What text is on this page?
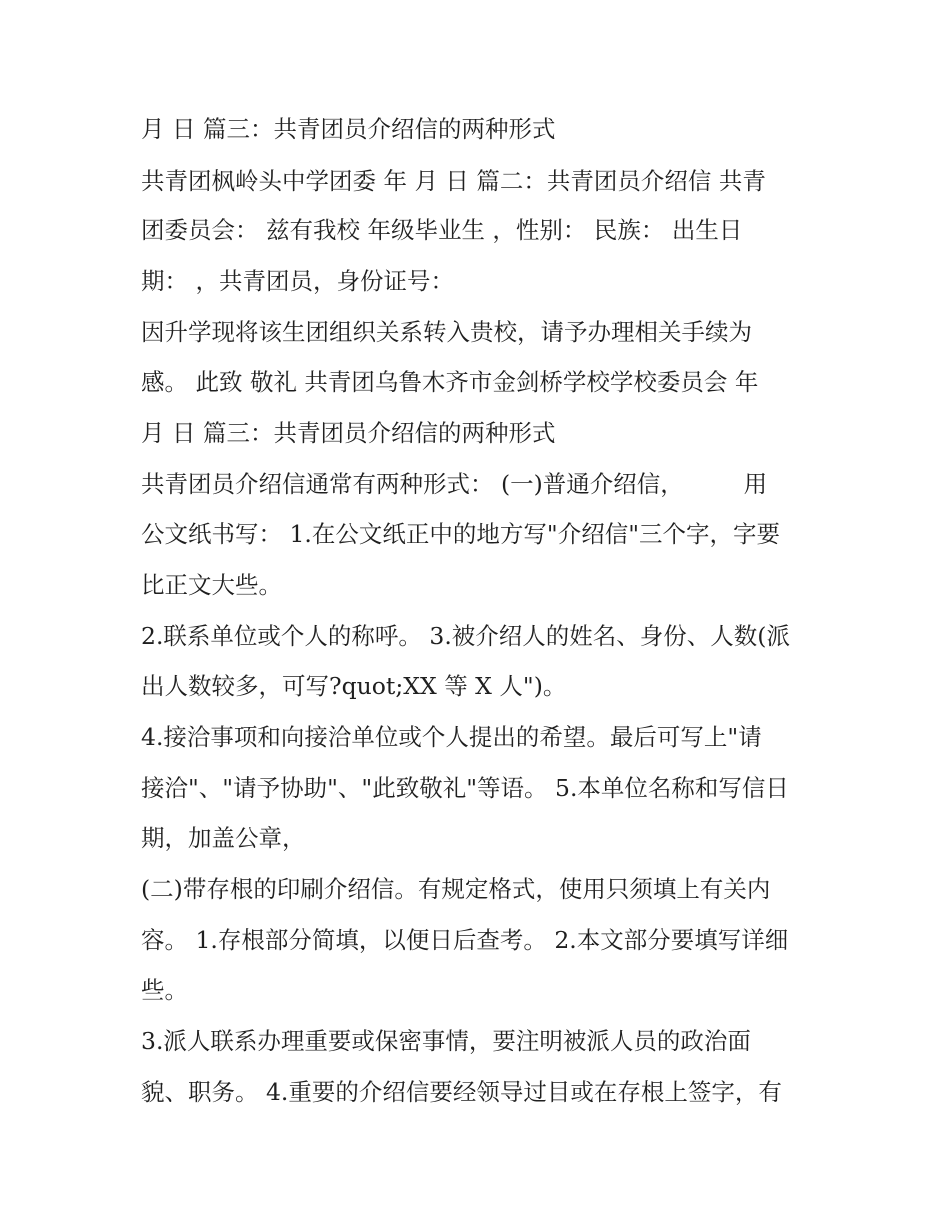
月 日 篇三：共青团员介绍信的两种形式
共青团枫岭头中学团委 年 月 日 篇二：共青团员介绍信 共青
团委员会： 兹有我校 年级毕业生 ，性别： 民族： 出生日
期： ，共青团员，身份证号：
因升学现将该生团组织关系转入贵校，请予办理相关手续为
感。 此致 敬礼 共青团乌鲁木齐市金剑桥学校学校委员会 年
月 日 篇三：共青团员介绍信的两种形式
共青团员介绍信通常有两种形式： (一)普通介绍信，        用
公文纸书写： 1.在公文纸正中的地方写"介绍信"三个字，字要
比正文大些。
2.联系单位或个人的称呼。 3.被介绍人的姓名、身份、人数(派
出人数较多，可写?quot;XX 等 X 人")。
4.接洽事项和向接洽单位或个人提出的希望。最后可写上"请
接洽"、"请予协助"、"此致敬礼"等语。 5.本单位名称和写信日
期，加盖公章，
(二)带存根的印刷介绍信。有规定格式，使用只须填上有关内
容。 1.存根部分简填，以便日后查考。 2.本文部分要填写详细
些。
3.派人联系办理重要或保密事情，要注明被派人员的政治面
貌、职务。 4.重要的介绍信要经领导过目或在存根上签字，有
